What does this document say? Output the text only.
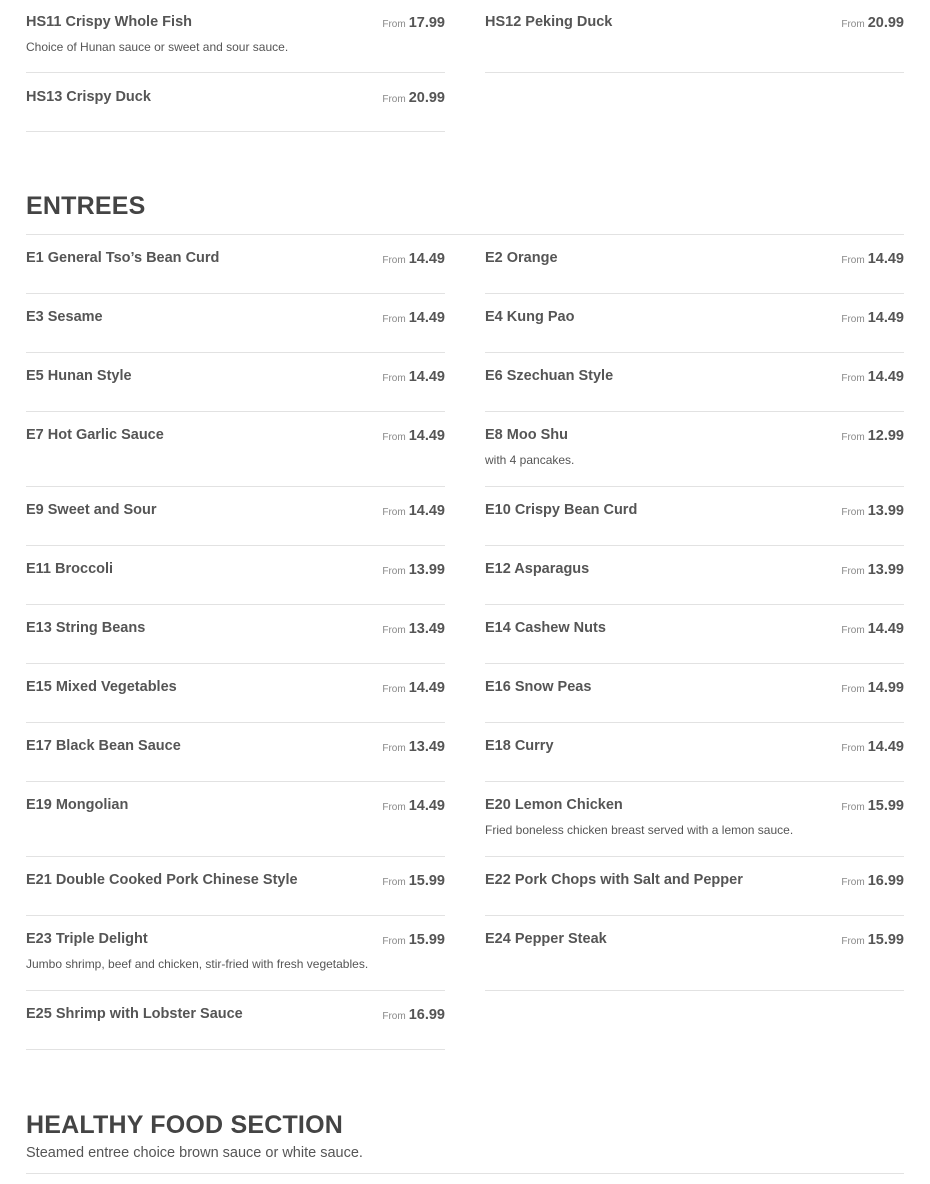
HS11 Crispy Whole Fish	From 17.99
Choice of Hunan sauce or sweet and sour sauce.
HS12 Peking Duck	From 20.99
HS13 Crispy Duck	From 20.99
ENTREES
E1 General Tso’s Bean Curd	From 14.49	E2 Orange	From 14.49
E3 Sesame	From 14.49	E4 Kung Pao	From 14.49
E5 Hunan Style	From 14.49	E6 Szechuan Style	From 14.49
E7 Hot Garlic Sauce	From 14.49	E8 Moo Shu	From 12.99
with 4 pancakes.
E9 Sweet and Sour	From 14.49	E10 Crispy Bean Curd	From 13.99
E11 Broccoli	From 13.99	E12 Asparagus	From 13.99
E13 String Beans	From 13.49	E14 Cashew Nuts	From 14.49
E15 Mixed Vegetables	From 14.49	E16 Snow Peas	From 14.99
E17 Black Bean Sauce	From 13.49	E18 Curry	From 14.49
E19 Mongolian	From 14.49	E20 Lemon Chicken	From 15.99
Fried boneless chicken breast served with a lemon sauce.
E21 Double Cooked Pork Chinese Style	From 15.99	E22 Pork Chops with Salt and Pepper	From 16.99
E23 Triple Delight	From 15.99
Jumbo shrimp, beef and chicken, stir-fried with fresh vegetables.
E24 Pepper Steak	From 15.99
E25 Shrimp with Lobster Sauce	From 16.99
HEALTHY FOOD SECTION
Steamed entree choice brown sauce or white sauce.
